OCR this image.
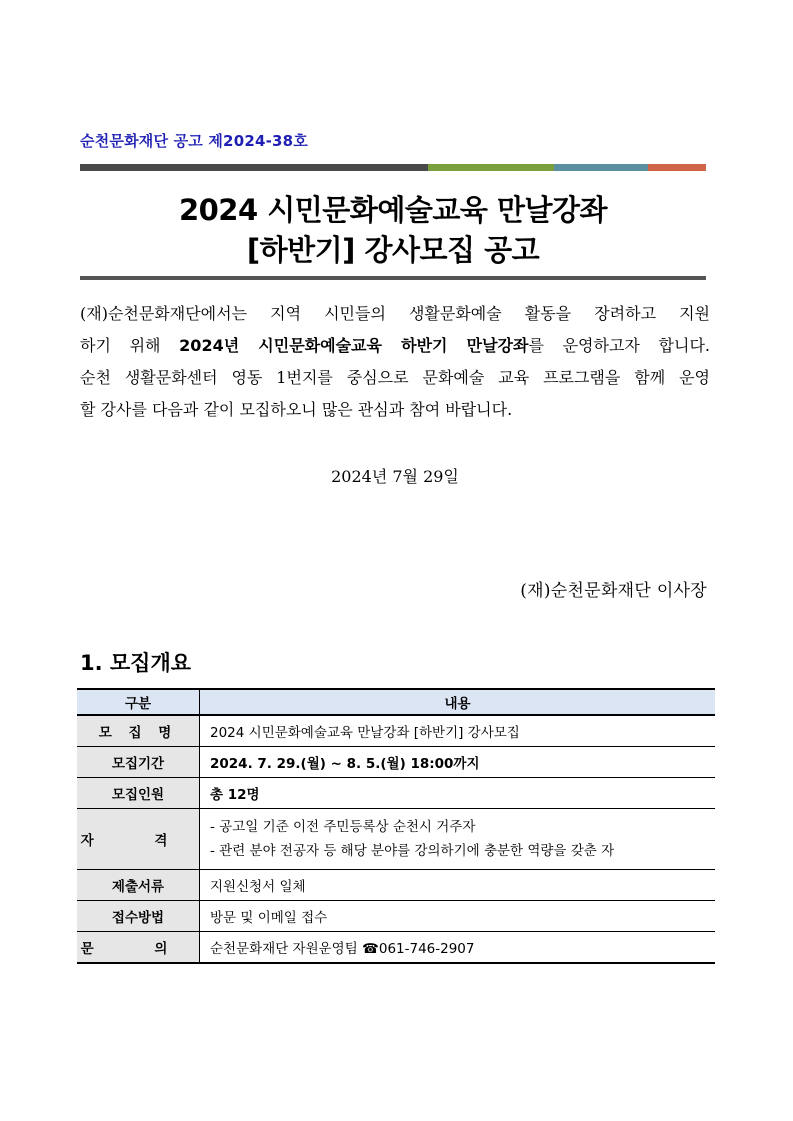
순천문화재단 공고 제2024-38호
2024 시민문화예술교육 만날강좌
[하반기] 강사모집 공고
(재)순천문화재단에서는 지역 시민들의 생활문화예술 활동을 장려하고 지원
하기 위해 2024년 시민문화예술교육 하반기 만날강좌를 운영하고자 합니다.
순천 생활문화센터 영동 1번지를 중심으로 문화예술 교육 프로그램을 함께 운영
할 강사를 다음과 같이 모집하오니 많은 관심과 참여 바랍니다.
2024년 7월 29일
(재)순천문화재단 이사장
1. 모집개요
구분	내용
모 집 명	2024 시민문화예술교육 만날강좌 [하반기] 강사모집
모집기간	2024. 7. 29.(월) ~ 8. 5.(월) 18:00까지
모집인원	총 12명
자 격	- 공고일 기준 이전 주민등록상 순천시 거주자
- 관련 분야 전공자 등 해당 분야를 강의하기에 충분한 역량을 갖춘 자

제출서류	지원신청서 일체
접수방법	방문 및 이메일 접수
문 의	순천문화재단 자원운영팀 ☎061-746-2907
